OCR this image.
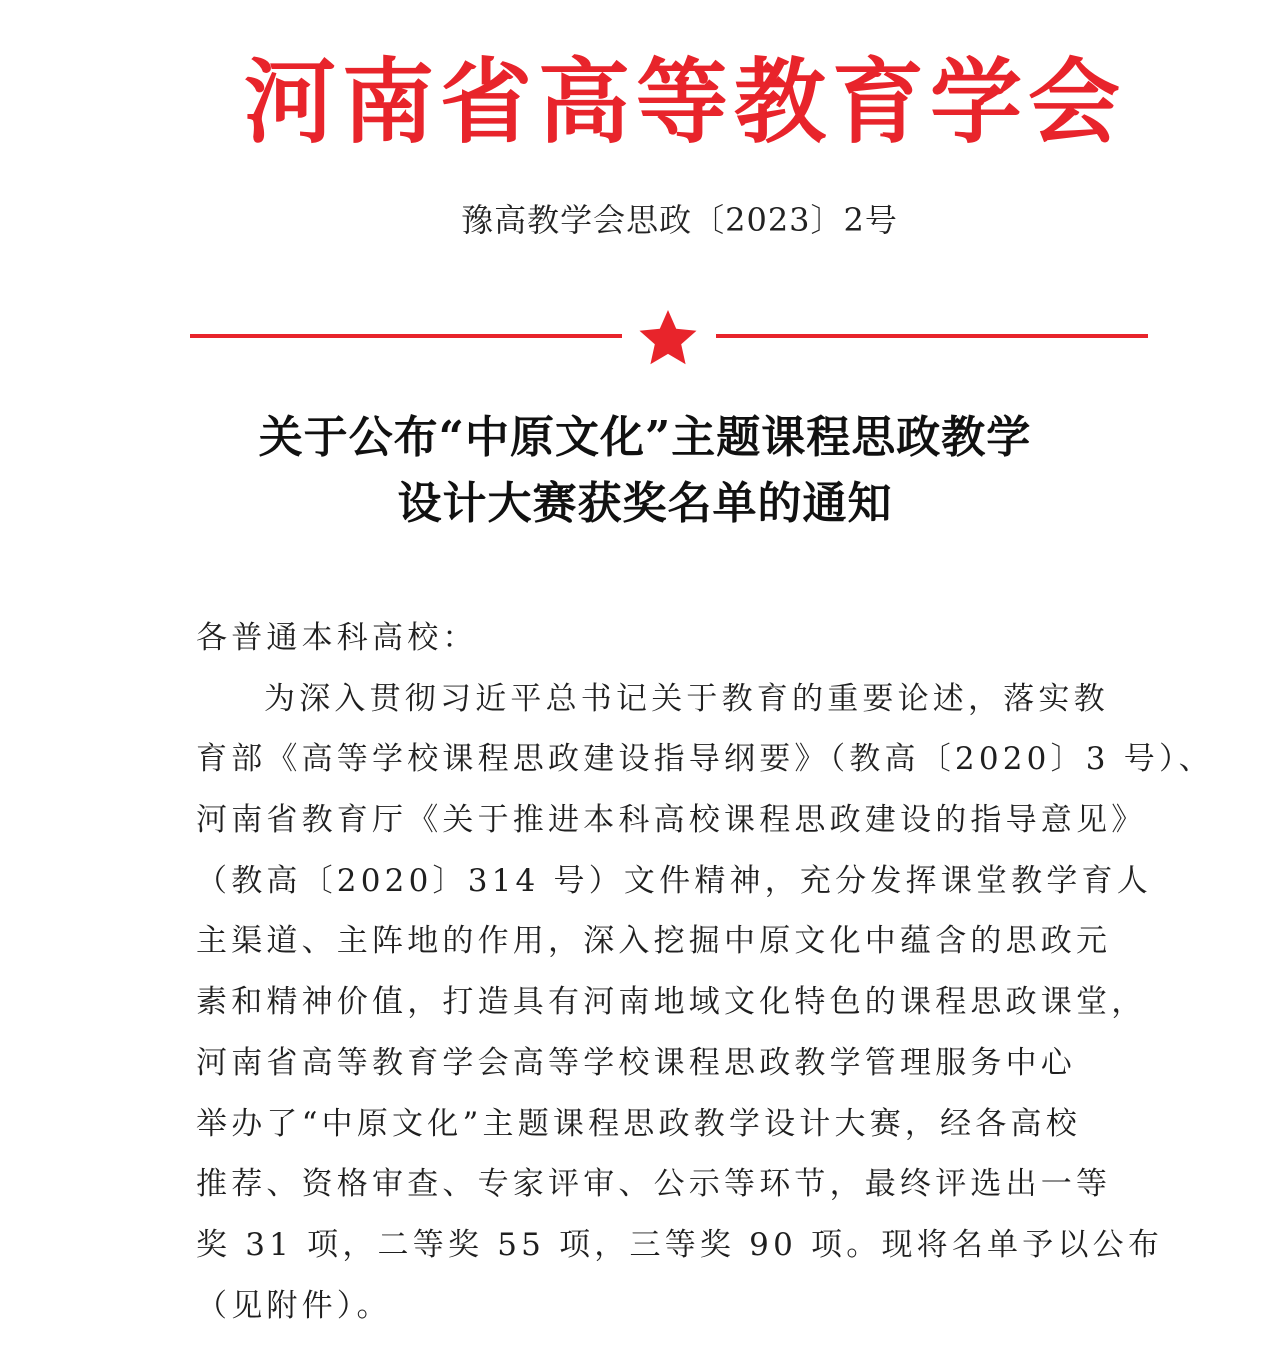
河南省高等教育学会
豫高教学会思政〔2023〕2号
关于公布“中原文化”主题课程思政教学
设计大赛获奖名单的通知
各普通本科高校：
为深入贯彻习近平总书记关于教育的重要论述，落实教
育部《高等学校课程思政建设指导纲要》（教高〔2020〕3 号）、
河南省教育厅《关于推进本科高校课程思政建设的指导意见》
（教高〔2020〕314 号）文件精神，充分发挥课堂教学育人
主渠道、主阵地的作用，深入挖掘中原文化中蕴含的思政元
素和精神价值，打造具有河南地域文化特色的课程思政课堂，
河南省高等教育学会高等学校课程思政教学管理服务中心
举办了“中原文化”主题课程思政教学设计大赛，经各高校
推荐、资格审查、专家评审、公示等环节，最终评选出一等
奖 31 项，二等奖 55 项，三等奖 90 项。现将名单予以公布
（见附件）。
